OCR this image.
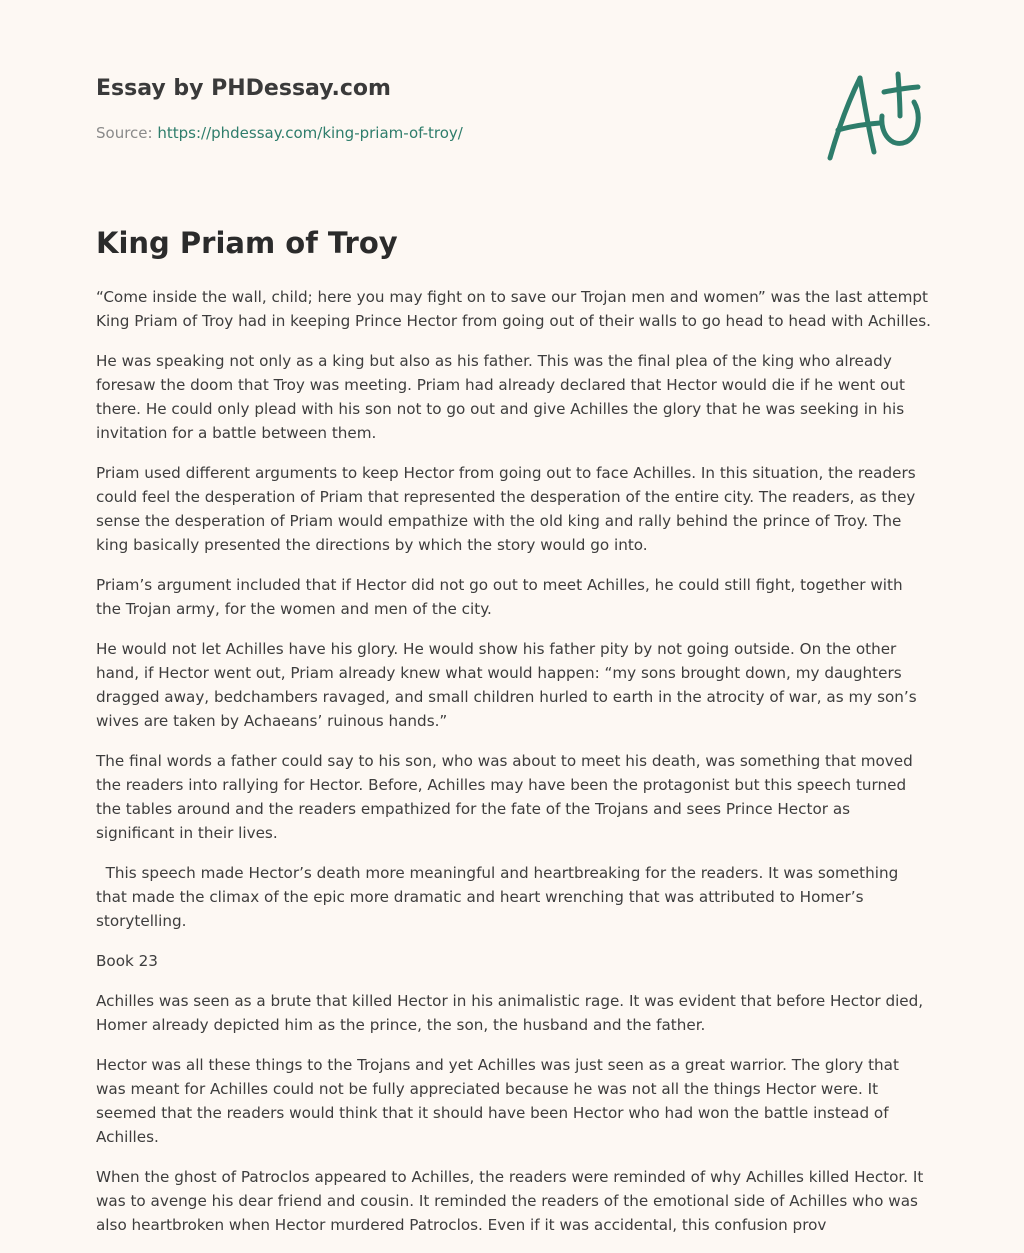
Essay by PHDessay.com
Source: https://phdessay.com/king-priam-of-troy/
King Priam of Troy

“Come inside the wall, child; here you may fight on to save our Trojan men and women” was the last attempt King Priam of Troy had in keeping Prince Hector from going out of their walls to go head to head with Achilles.

He was speaking not only as a king but also as his father. This was the final plea of the king who already foresaw the doom that Troy was meeting. Priam had already declared that Hector would die if he went out there. He could only plead with his son not to go out and give Achilles the glory that he was seeking in his invitation for a battle between them.

Priam used different arguments to keep Hector from going out to face Achilles. In this situation, the readers could feel the desperation of Priam that represented the desperation of the entire city. The readers, as they sense the desperation of Priam would empathize with the old king and rally behind the prince of Troy. The king basically presented the directions by which the story would go into.

Priam’s argument included that if Hector did not go out to meet Achilles, he could still fight, together with the Trojan army, for the women and men of the city.

He would not let Achilles have his glory. He would show his father pity by not going outside. On the other hand, if Hector went out, Priam already knew what would happen: “my sons brought down, my daughters dragged away, bedchambers ravaged, and small children hurled to earth in the atrocity of war, as my son’s wives are taken by Achaeans’ ruinous hands.”

The final words a father could say to his son, who was about to meet his death, was something that moved the readers into rallying for Hector. Before, Achilles may have been the protagonist but this speech turned the tables around and the readers empathized for the fate of the Trojans and sees Prince Hector as significant in their lives.

This speech made Hector’s death more meaningful and heartbreaking for the readers. It was something that made the climax of the epic more dramatic and heart wrenching that was attributed to Homer’s storytelling.

Book 23

Achilles was seen as a brute that killed Hector in his animalistic rage. It was evident that before Hector died, Homer already depicted him as the prince, the son, the husband and the father.

Hector was all these things to the Trojans and yet Achilles was just seen as a great warrior. The glory that was meant for Achilles could not be fully appreciated because he was not all the things Hector were. It seemed that the readers would think that it should have been Hector who had won the battle instead of Achilles.

When the ghost of Patroclos appeared to Achilles, the readers were reminded of why Achilles killed Hector. It was to avenge his dear friend and cousin. It reminded the readers of the emotional side of Achilles who was also heartbroken when Hector murdered Patroclos. Even if it was accidental, this confusion prov
